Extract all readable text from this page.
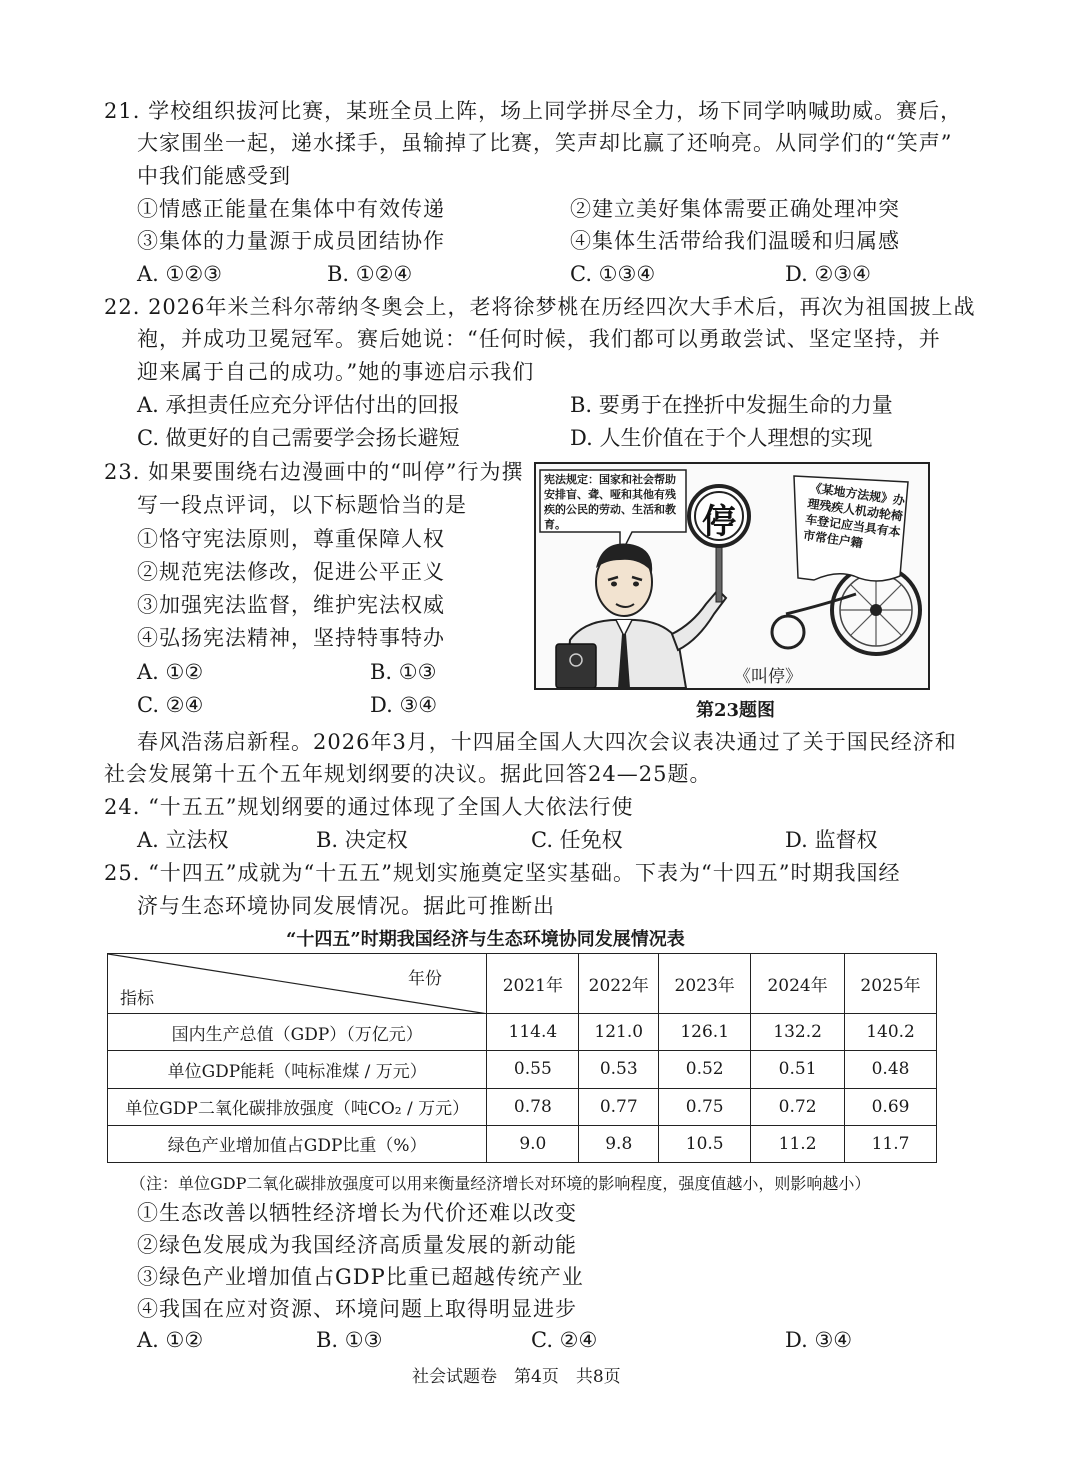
21. 学校组织拔河比赛，某班全员上阵，场上同学拼尽全力，场下同学呐喊助威。赛后，
大家围坐一起，递水揉手，虽输掉了比赛，笑声却比赢了还响亮。从同学们的“笑声”
中我们能感受到
①情感正能量在集体中有效传递	②建立美好集体需要正确处理冲突
③集体的力量源于成员团结协作	④集体生活带给我们温暖和归属感
A. ①②③	B. ①②④	C. ①③④	D. ②③④
22. 2026年米兰科尔蒂纳冬奥会上，老将徐梦桃在历经四次大手术后，再次为祖国披上战
袍，并成功卫冕冠军。赛后她说：“任何时候，我们都可以勇敢尝试、坚定坚持，并
迎来属于自己的成功。”她的事迹启示我们
A. 承担责任应充分评估付出的回报	B. 要勇于在挫折中发掘生命的力量
C. 做更好的自己需要学会扬长避短	D. 人生价值在于个人理想的实现
23. 如果要围绕右边漫画中的“叫停”行为撰
写一段点评词，以下标题恰当的是
①恪守宪法原则，尊重保障人权
②规范宪法修改，促进公平正义
③加强宪法监督，维护宪法权威
④弘扬宪法精神，坚持特事特办
A. ①②	B. ①③
C. ②④	D. ③④
宪法规定：国家和社会帮助安排盲、聋、哑和其他有残疾的公民的劳动、生活和教育。	停
《某地方法规》办理残疾人机动轮椅车登记应当具有本市常住户籍
《叫停》
第23题图
春风浩荡启新程。2026年3月，十四届全国人大四次会议表决通过了关于国民经济和
社会发展第十五个五年规划纲要的决议。据此回答24—25题。
24. “十五五”规划纲要的通过体现了全国人大依法行使
A. 立法权	B. 决定权	C. 任免权	D. 监督权
25. “十四五”成就为“十五五”规划实施奠定坚实基础。下表为“十四五”时期我国经
济与生态环境协同发展情况。据此可推断出
“十四五”时期我国经济与生态环境协同发展情况表
指标
年份	2021年	2022年	2023年	2024年	2025年
国内生产总值（GDP）（万亿元）	114.4	121.0	126.1	132.2	140.2
单位GDP能耗（吨标准煤 / 万元）	0.55	0.53	0.52	0.51	0.48
单位GDP二氧化碳排放强度（吨CO₂ / 万元）	0.78	0.77	0.75	0.72	0.69
绿色产业增加值占GDP比重（%）	9.0	9.8	10.5	11.2	11.7
（注：单位GDP二氧化碳排放强度可以用来衡量经济增长对环境的影响程度，强度值越小，则影响越小）
①生态改善以牺牲经济增长为代价还难以改变
②绿色发展成为我国经济高质量发展的新动能
③绿色产业增加值占GDP比重已超越传统产业
④我国在应对资源、环境问题上取得明显进步
A. ①②	B. ①③	C. ②④	D. ③④
社会试题卷　第4页　共8页
